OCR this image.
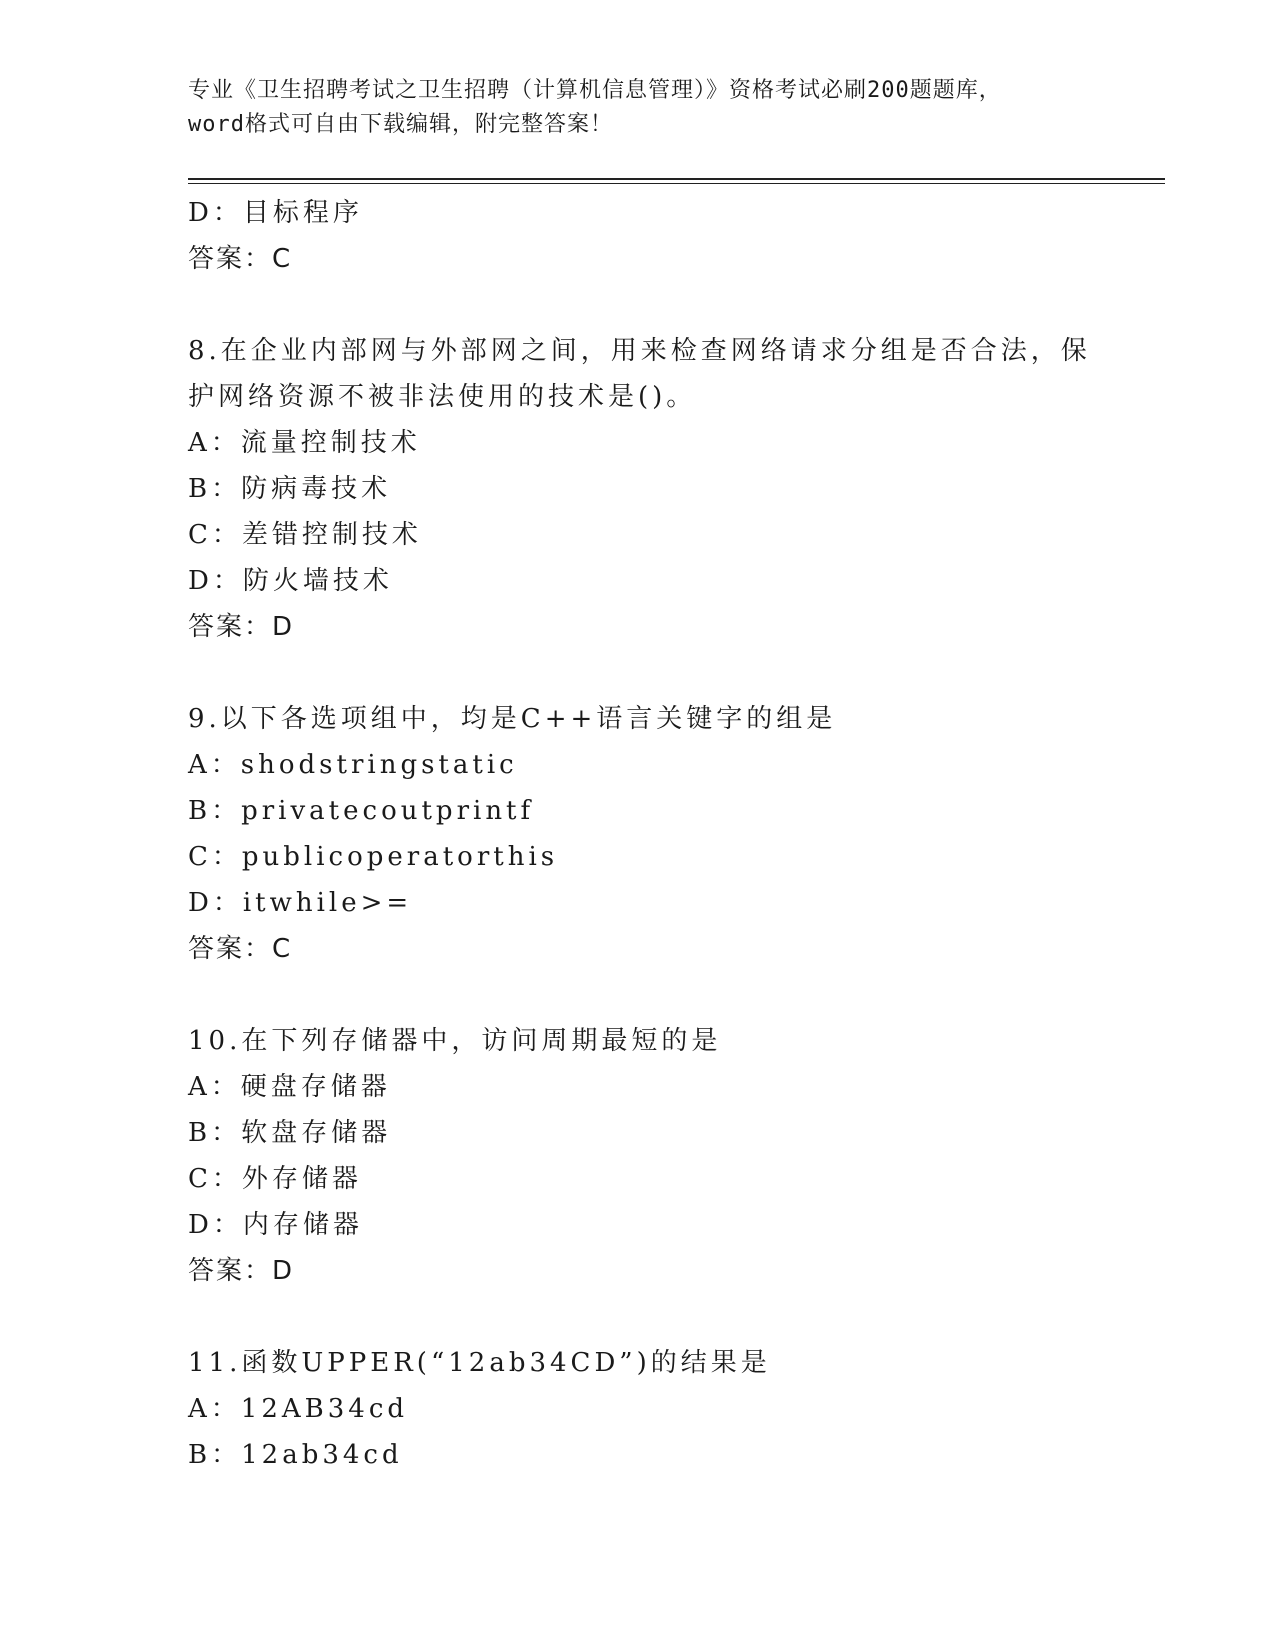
专业《卫生招聘考试之卫生招聘（计算机信息管理）》资格考试必刷200题题库，
word格式可自由下载编辑，附完整答案！
D：目标程序
答案：C
8.在企业内部网与外部网之间，用来检查网络请求分组是否合法，保
护网络资源不被非法使用的技术是()。
A：流量控制技术
B：防病毒技术
C：差错控制技术
D：防火墙技术
答案：D
9.以下各选项组中，均是C++语言关键字的组是
A：shodstringstatic
B：privatecoutprintf
C：publicoperatorthis
D：itwhile>=
答案：C
10.在下列存储器中，访问周期最短的是
A：硬盘存储器
B：软盘存储器
C：外存储器
D：内存储器
答案：D
11.函数UPPER(“12ab34CD”)的结果是
A：12AB34cd
B：12ab34cd
